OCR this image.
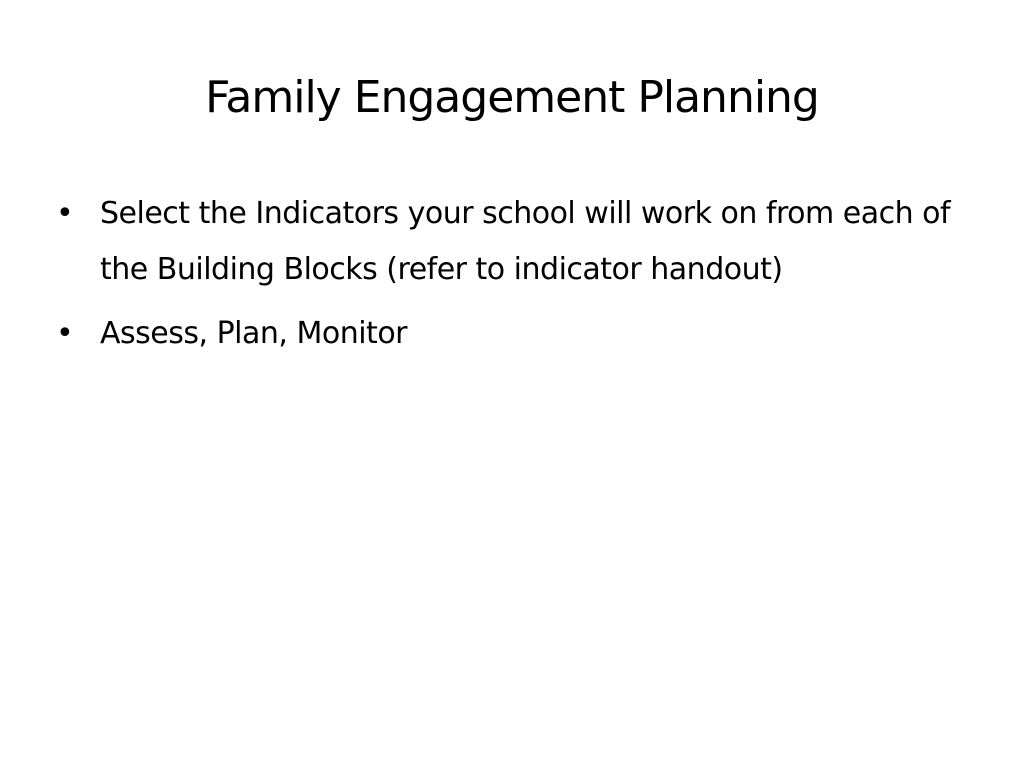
Family Engagement Planning
• Select the Indicators your school will work on from each of the Building Blocks (refer to indicator handout)
• Assess, Plan, Monitor
